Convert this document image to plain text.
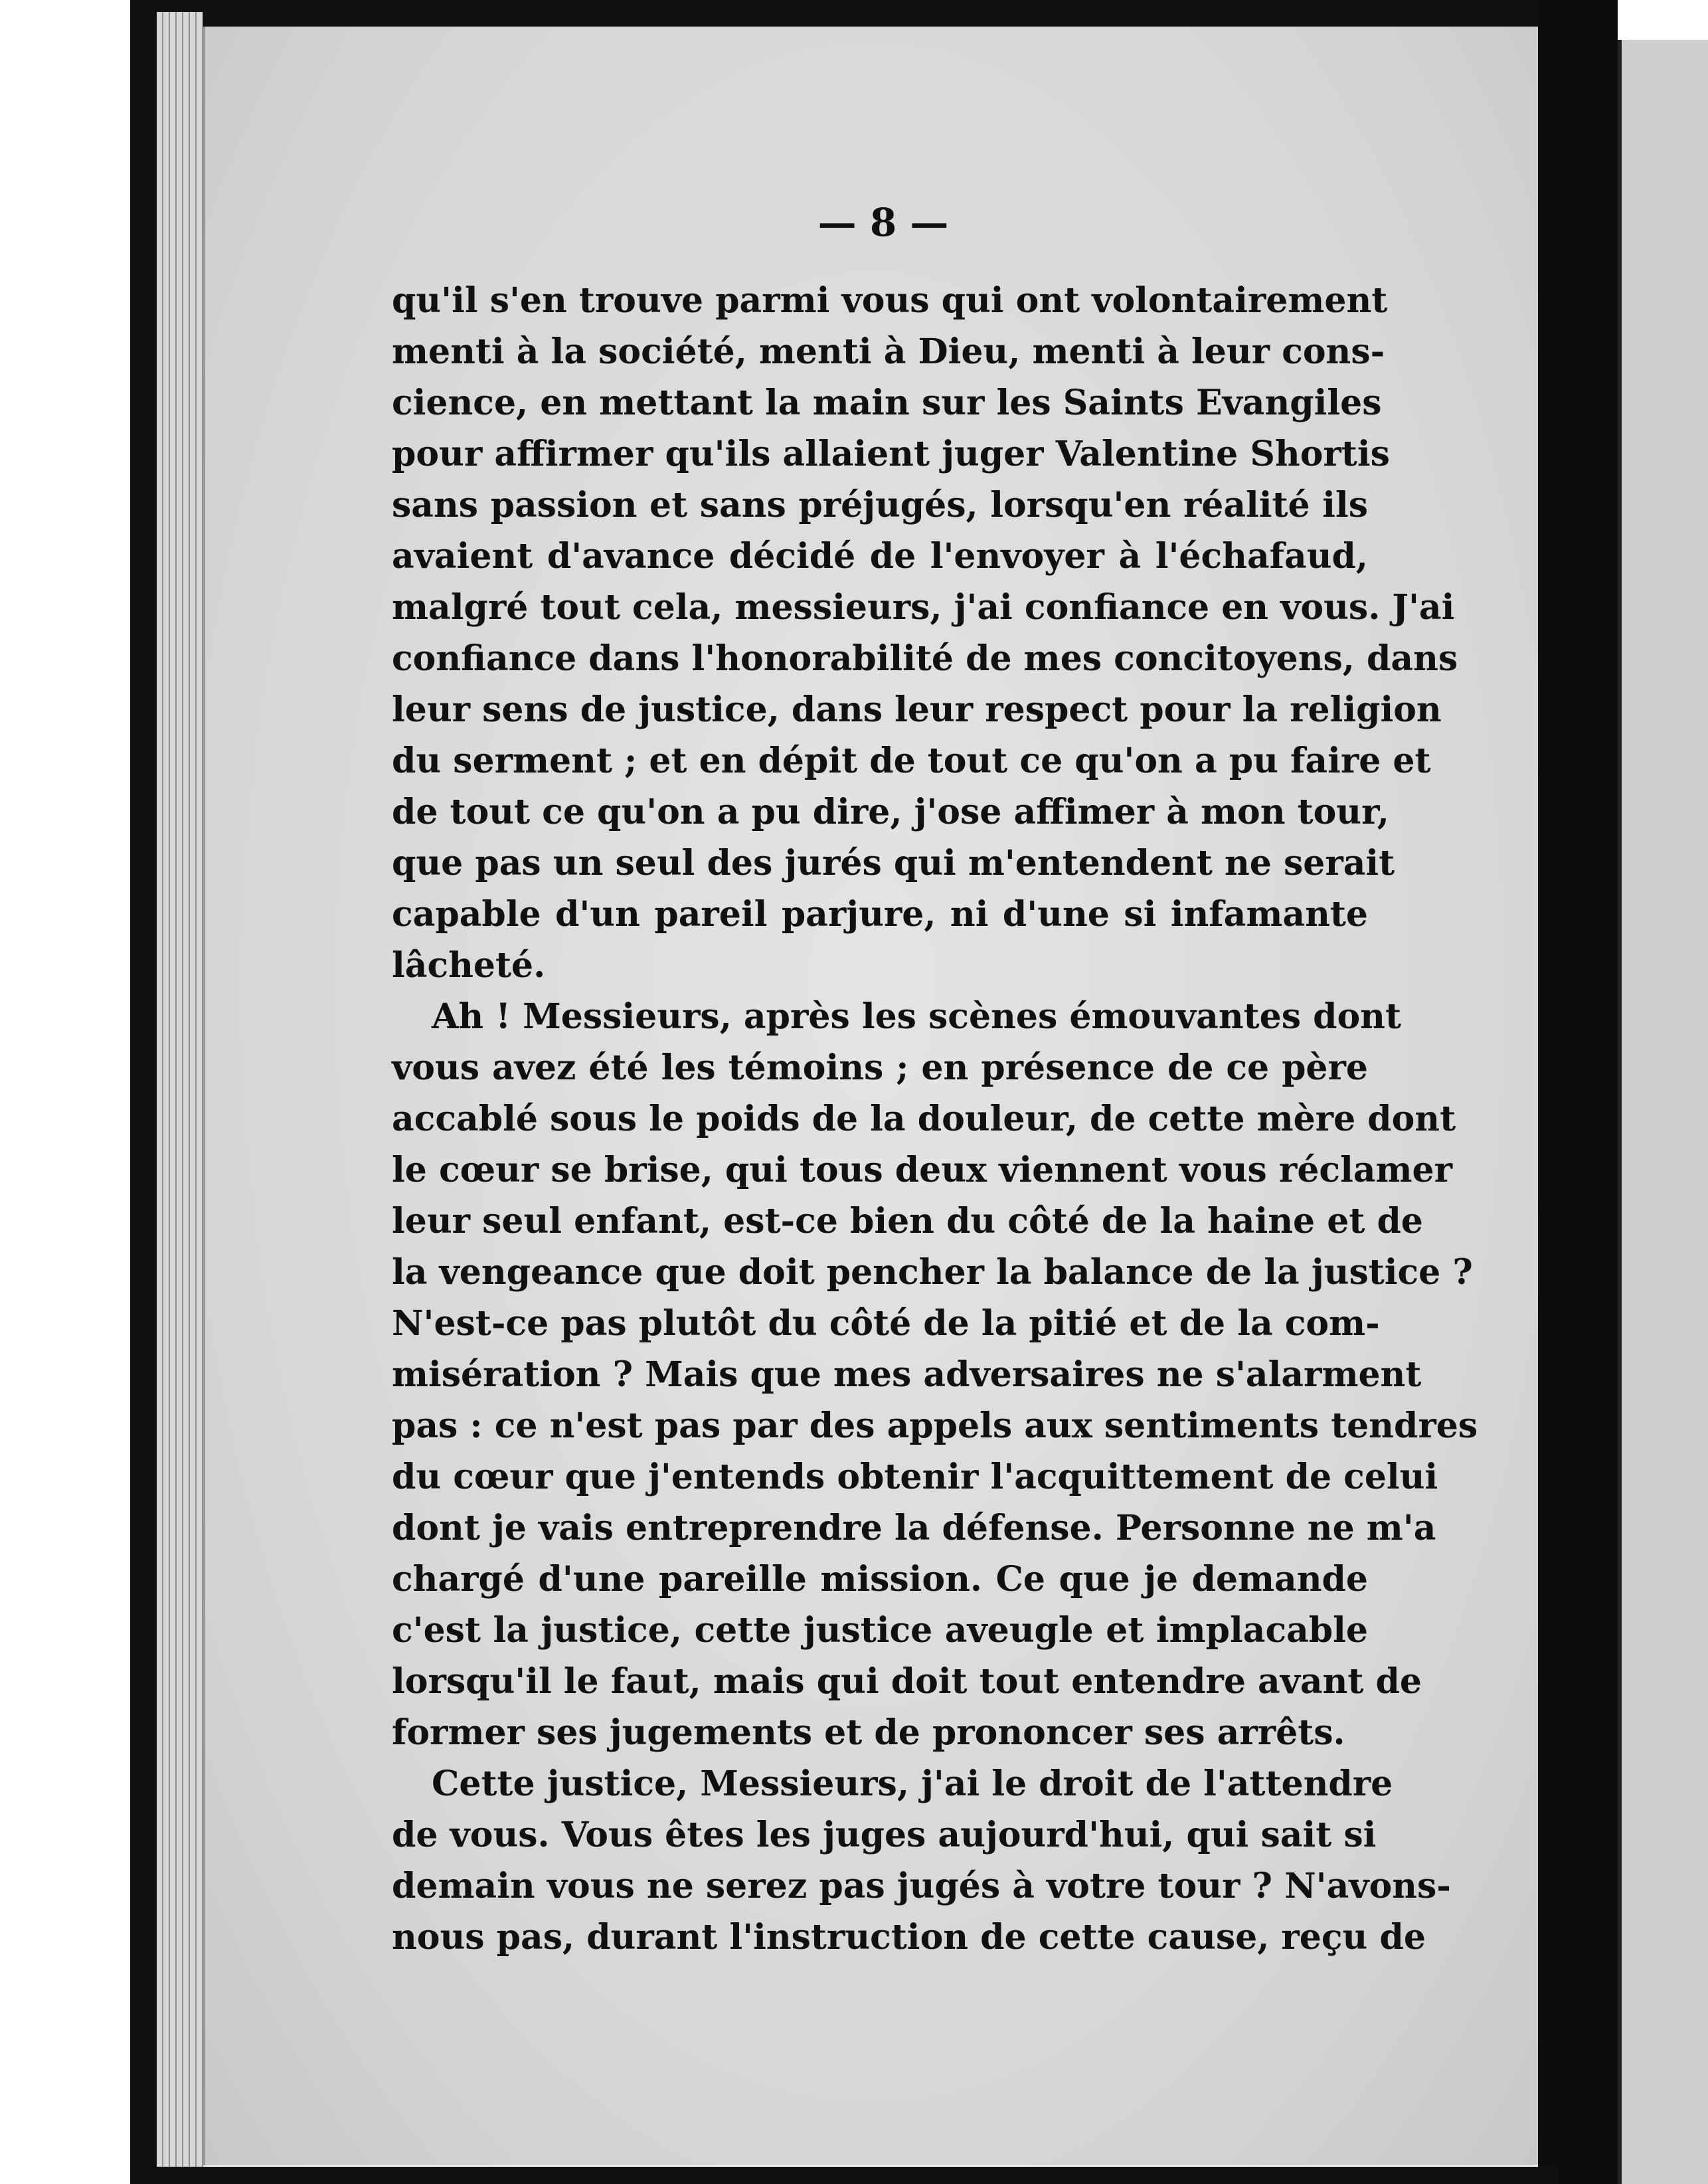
— 8 —
qu'il s'en trouve parmi vous qui ont volontairement
menti à la société, menti à Dieu, menti à leur cons-
cience, en mettant la main sur les Saints Evangiles
pour affirmer qu'ils allaient juger Valentine Shortis
sans passion et sans préjugés, lorsqu'en réalité ils
avaient d'avance décidé de l'envoyer à l'échafaud,
malgré tout cela, messieurs, j'ai confiance en vous. J'ai
confiance dans l'honorabilité de mes concitoyens, dans
leur sens de justice, dans leur respect pour la religion
du serment ; et en dépit de tout ce qu'on a pu faire et
de tout ce qu'on a pu dire, j'ose affimer à mon tour,
que pas un seul des jurés qui m'entendent ne serait
capable d'un pareil parjure, ni d'une si infamante
lâcheté.
Ah ! Messieurs, après les scènes émouvantes dont
vous avez été les témoins ; en présence de ce père
accablé sous le poids de la douleur, de cette mère dont
le cœur se brise, qui tous deux viennent vous réclamer
leur seul enfant, est-ce bien du côté de la haine et de
la vengeance que doit pencher la balance de la justice ?
N'est-ce pas plutôt du côté de la pitié et de la com-
misération ? Mais que mes adversaires ne s'alarment
pas : ce n'est pas par des appels aux sentiments tendres
du cœur que j'entends obtenir l'acquittement de celui
dont je vais entreprendre la défense. Personne ne m'a
chargé d'une pareille mission. Ce que je demande
c'est la justice, cette justice aveugle et implacable
lorsqu'il le faut, mais qui doit tout entendre avant de
former ses jugements et de prononcer ses arrêts.
Cette justice, Messieurs, j'ai le droit de l'attendre
de vous. Vous êtes les juges aujourd'hui, qui sait si
demain vous ne serez pas jugés à votre tour ? N'avons-
nous pas, durant l'instruction de cette cause, reçu de
